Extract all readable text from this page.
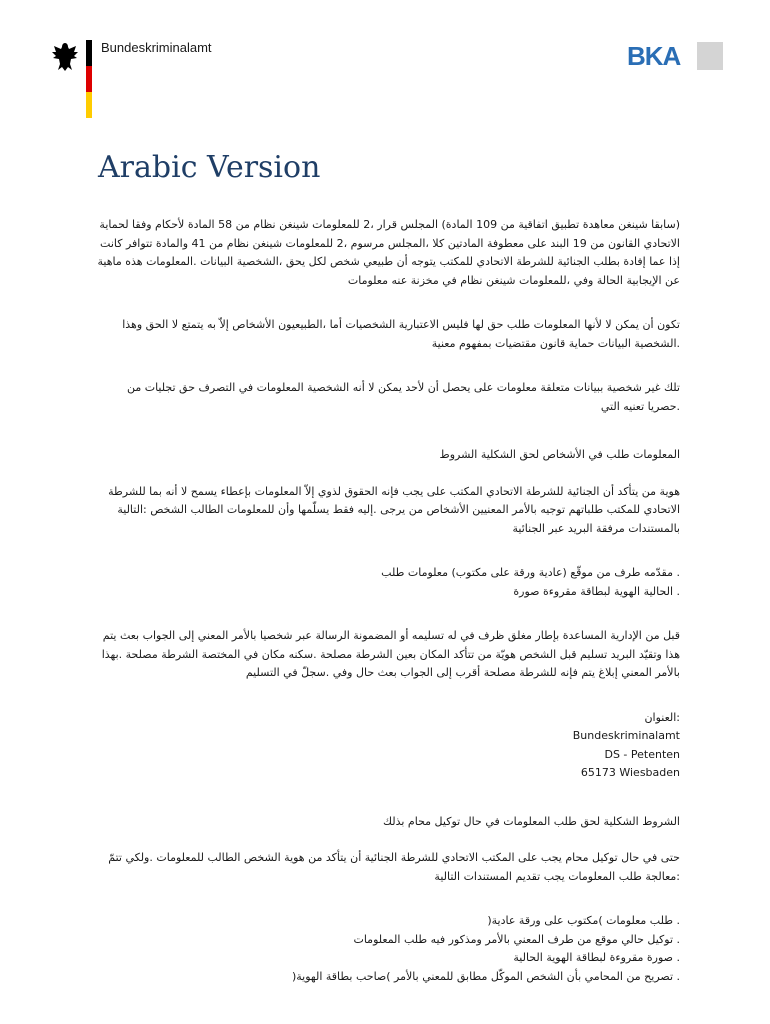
Bundeskriminalamt	BKA
Arabic Version

(سابقا شينغن معاهدة تطبيق اتفاقية من 109 المادة) المجلس قرار ،2 للمعلومات شينغن نظام من 58 المادة لأحكام وفقا لحماية الاتحادي القانون من 19 البند على معطوفة المادتين كلا ،المجلس مرسوم ،2 للمعلومات شينغن نظام من 41 والمادة تتوافر كانت إذا عما إفادة بطلب الجنائية للشرطة الاتحادي للمكتب يتوجه أن طبيعي شخص لكل يحق ،الشخصية البيانات .المعلومات هذه ماهية عن الإيجابية الحالة وفي ،للمعلومات شينغن نظام في مخزنة عنه معلومات

تكون أن يمكن لا لأنها المعلومات طلب حق لها فليس الاعتبارية الشخصيات أما ،الطبيعيون الأشخاص إلاّ به يتمتع لا الحق وهذا .الشخصية البيانات حماية قانون مقتضيات بمفهوم معنية

تلك غير شخصية ببيانات متعلقة معلومات على يحصل أن لأحد يمكن لا أنه الشخصية المعلومات في التصرف حق تجليات من .حصريا تعنيه التي

المعلومات طلب في الأشخاص لحق الشكلية الشروط

هوية من يتأكد أن الجنائية للشرطة الاتحادي المكتب على يجب فإنه الحقوق لذوي إلاّ المعلومات بإعطاء يسمح لا أنه بما للشرطة الاتحادي للمكتب طلباتهم توجيه بالأمر المعنيين الأشخاص من يرجى .إليه فقط يسلّمها وأن للمعلومات الطالب الشخص :التالية بالمستندات مرفقة البريد عبر الجنائية

. مقدّمه طرف من موقّع (عادية ورقة على مكتوب) معلومات طلب

. الحالية الهوية لبطاقة مقروءة صورة

قبل من الإدارية المساعدة بإطار مغلق ظرف في له تسليمه أو المضمونة الرسالة عبر شخصيا بالأمر المعني إلى الجواب بعث يتم هذا وتقيّد البريد تسليم قبل الشخص هويّة من تتأكد المكان بعين الشرطة مصلحة .سكنه مكان في المختصة الشرطة مصلحة .بهذا بالأمر المعني إبلاغ يتم فإنه للشرطة مصلحة أقرب إلى الجواب بعث حال وفي .سجلّ في التسليم

:العنوان
Bundeskriminalamt
DS - Petenten
65173 Wiesbaden

الشروط الشكلية لحق طلب المعلومات في حال توكيل محام بذلك

حتى في حال توكيل محام يجب على المكتب الاتحادي للشرطة الجنائية أن يتأكد من هوية الشخص الطالب للمعلومات .ولكي تتمّ :معالجة طلب المعلومات يجب تقديم المستندات التالية

. طلب معلومات )مكتوب على ورقة عادية(

. توكيل حالي موقع من طرف المعني بالأمر ومذكور فيه طلب المعلومات

. صورة مقروءة لبطاقة الهوية الحالية

. تصريح من المحامي بأن الشخص الموكّل مطابق للمعني بالأمر )صاحب بطاقة الهوية(
